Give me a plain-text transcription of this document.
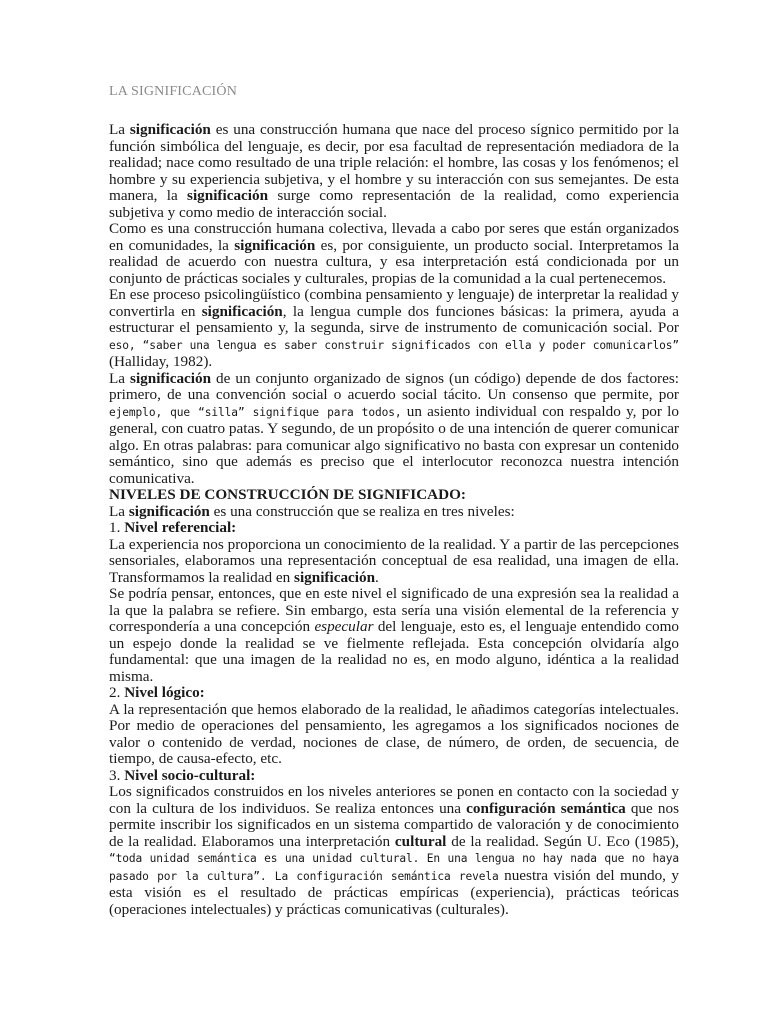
LA SIGNIFICACIÓN

La significación es una construcción humana que nace del proceso sígnico permitido por la función simbólica del lenguaje, es decir, por esa facultad de representación mediadora de la realidad; nace como resultado de una triple relación: el hombre, las cosas y los fenómenos; el hombre y su experiencia subjetiva, y el hombre y su interacción con sus semejantes. De esta manera, la significación surge como representación de la realidad, como experiencia subjetiva y como medio de interacción social.

Como es una construcción humana colectiva, llevada a cabo por seres que están organizados en comunidades, la significación es, por consiguiente, un producto social. Interpretamos la realidad de acuerdo con nuestra cultura, y esa interpretación está condicionada por un conjunto de prácticas sociales y culturales, propias de la comunidad a la cual pertenecemos.

En ese proceso psicolingüístico (combina pensamiento y lenguaje) de interpretar la realidad y convertirla en significación, la lengua cumple dos funciones básicas: la primera, ayuda a estructurar el pensamiento y, la segunda, sirve de instrumento de comunicación social. Por eso, “saber una lengua es saber construir significados con ella y poder comunicarlos” (Halliday, 1982).

La significación de un conjunto organizado de signos (un código) depende de dos factores: primero, de una convención social o acuerdo social tácito. Un consenso que permite, por ejemplo, que “silla” signifique para todos, un asiento individual con respaldo y, por lo general, con cuatro patas. Y segundo, de un propósito o de una intención de querer comunicar algo. En otras palabras: para comunicar algo significativo no basta con expresar un contenido semántico, sino que además es preciso que el interlocutor reconozca nuestra intención comunicativa.

NIVELES DE CONSTRUCCIÓN DE SIGNIFICADO:

La significación es una construcción que se realiza en tres niveles:

1. Nivel referencial:

La experiencia nos proporciona un conocimiento de la realidad. Y a partir de las percepciones sensoriales, elaboramos una representación conceptual de esa realidad, una imagen de ella. Transformamos la realidad en significación.

Se podría pensar, entonces, que en este nivel el significado de una expresión sea la realidad a la que la palabra se refiere. Sin embargo, esta sería una visión elemental de la referencia y correspondería a una concepción especular del lenguaje, esto es, el lenguaje entendido como un espejo donde la realidad se ve fielmente reflejada. Esta concepción olvidaría algo fundamental: que una imagen de la realidad no es, en modo alguno, idéntica a la realidad misma.

2. Nivel lógico:

A la representación que hemos elaborado de la realidad, le añadimos categorías intelectuales. Por medio de operaciones del pensamiento, les agregamos a los significados nociones de valor o contenido de verdad, nociones de clase, de número, de orden, de secuencia, de tiempo, de causa-efecto, etc.

3. Nivel socio-cultural:

Los significados construidos en los niveles anteriores se ponen en contacto con la sociedad y con la cultura de los individuos. Se realiza entonces una configuración semántica que nos permite inscribir los significados en un sistema compartido de valoración y de conocimiento de la realidad. Elaboramos una interpretación cultural de la realidad. Según U. Eco (1985), “toda unidad semántica es una unidad cultural. En una lengua no hay nada que no haya pasado por la cultura”. La configuración semántica revela nuestra visión del mundo, y esta visión es el resultado de prácticas empíricas (experiencia), prácticas teóricas (operaciones intelectuales) y prácticas comunicativas (culturales).
